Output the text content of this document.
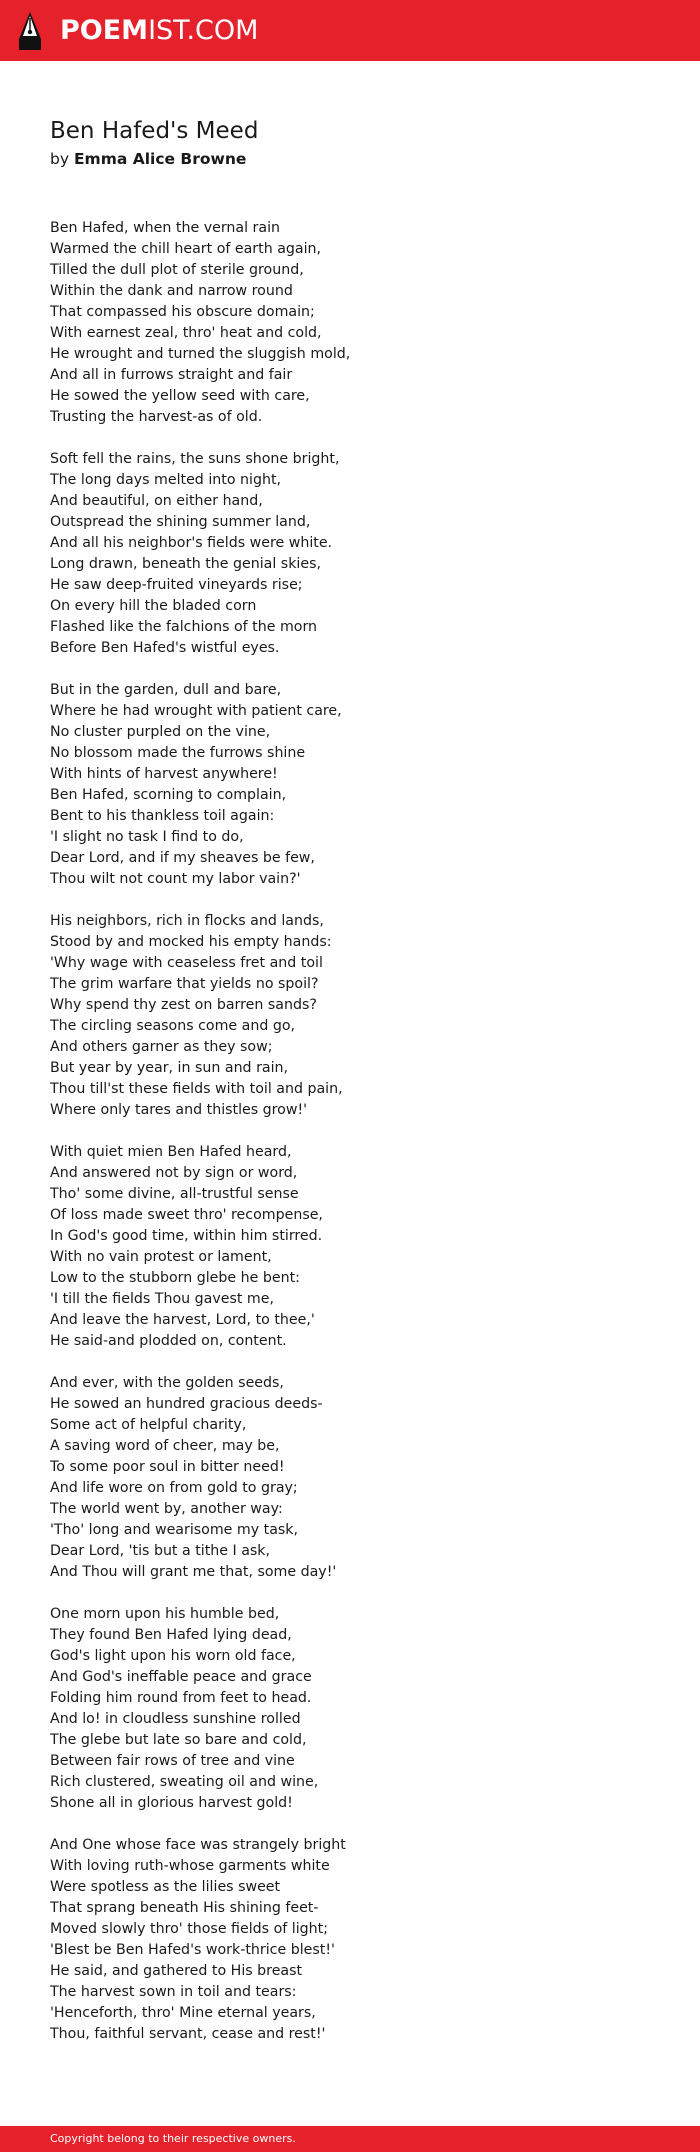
POEMIST.COM
Ben Hafed's Meed
by Emma Alice Browne
Ben Hafed, when the vernal rain
Warmed the chill heart of earth again,
Tilled the dull plot of sterile ground,
Within the dank and narrow round
That compassed his obscure domain;
With earnest zeal, thro' heat and cold,
He wrought and turned the sluggish mold,
And all in furrows straight and fair
He sowed the yellow seed with care,
Trusting the harvest-as of old.
Soft fell the rains, the suns shone bright,
The long days melted into night,
And beautiful, on either hand,
Outspread the shining summer land,
And all his neighbor's fields were white.
Long drawn, beneath the genial skies,
He saw deep-fruited vineyards rise;
On every hill the bladed corn
Flashed like the falchions of the morn
Before Ben Hafed's wistful eyes.
But in the garden, dull and bare,
Where he had wrought with patient care,
No cluster purpled on the vine,
No blossom made the furrows shine
With hints of harvest anywhere!
Ben Hafed, scorning to complain,
Bent to his thankless toil again:
'I slight no task I find to do,
Dear Lord, and if my sheaves be few,
Thou wilt not count my labor vain?'
His neighbors, rich in flocks and lands,
Stood by and mocked his empty hands:
'Why wage with ceaseless fret and toil
The grim warfare that yields no spoil?
Why spend thy zest on barren sands?
The circling seasons come and go,
And others garner as they sow;
But year by year, in sun and rain,
Thou till'st these fields with toil and pain,
Where only tares and thistles grow!'
With quiet mien Ben Hafed heard,
And answered not by sign or word,
Tho' some divine, all-trustful sense
Of loss made sweet thro' recompense,
In God's good time, within him stirred.
With no vain protest or lament,
Low to the stubborn glebe he bent:
'I till the fields Thou gavest me,
And leave the harvest, Lord, to thee,'
He said-and plodded on, content.
And ever, with the golden seeds,
He sowed an hundred gracious deeds-
Some act of helpful charity,
A saving word of cheer, may be,
To some poor soul in bitter need!
And life wore on from gold to gray;
The world went by, another way:
'Tho' long and wearisome my task,
Dear Lord, 'tis but a tithe I ask,
And Thou will grant me that, some day!'
One morn upon his humble bed,
They found Ben Hafed lying dead,
God's light upon his worn old face,
And God's ineffable peace and grace
Folding him round from feet to head.
And lo! in cloudless sunshine rolled
The glebe but late so bare and cold,
Between fair rows of tree and vine
Rich clustered, sweating oil and wine,
Shone all in glorious harvest gold!
And One whose face was strangely bright
With loving ruth-whose garments white
Were spotless as the lilies sweet
That sprang beneath His shining feet-
Moved slowly thro' those fields of light;
'Blest be Ben Hafed's work-thrice blest!'
He said, and gathered to His breast
The harvest sown in toil and tears:
'Henceforth, thro' Mine eternal years,
Thou, faithful servant, cease and rest!'
Copyright belong to their respective owners.
